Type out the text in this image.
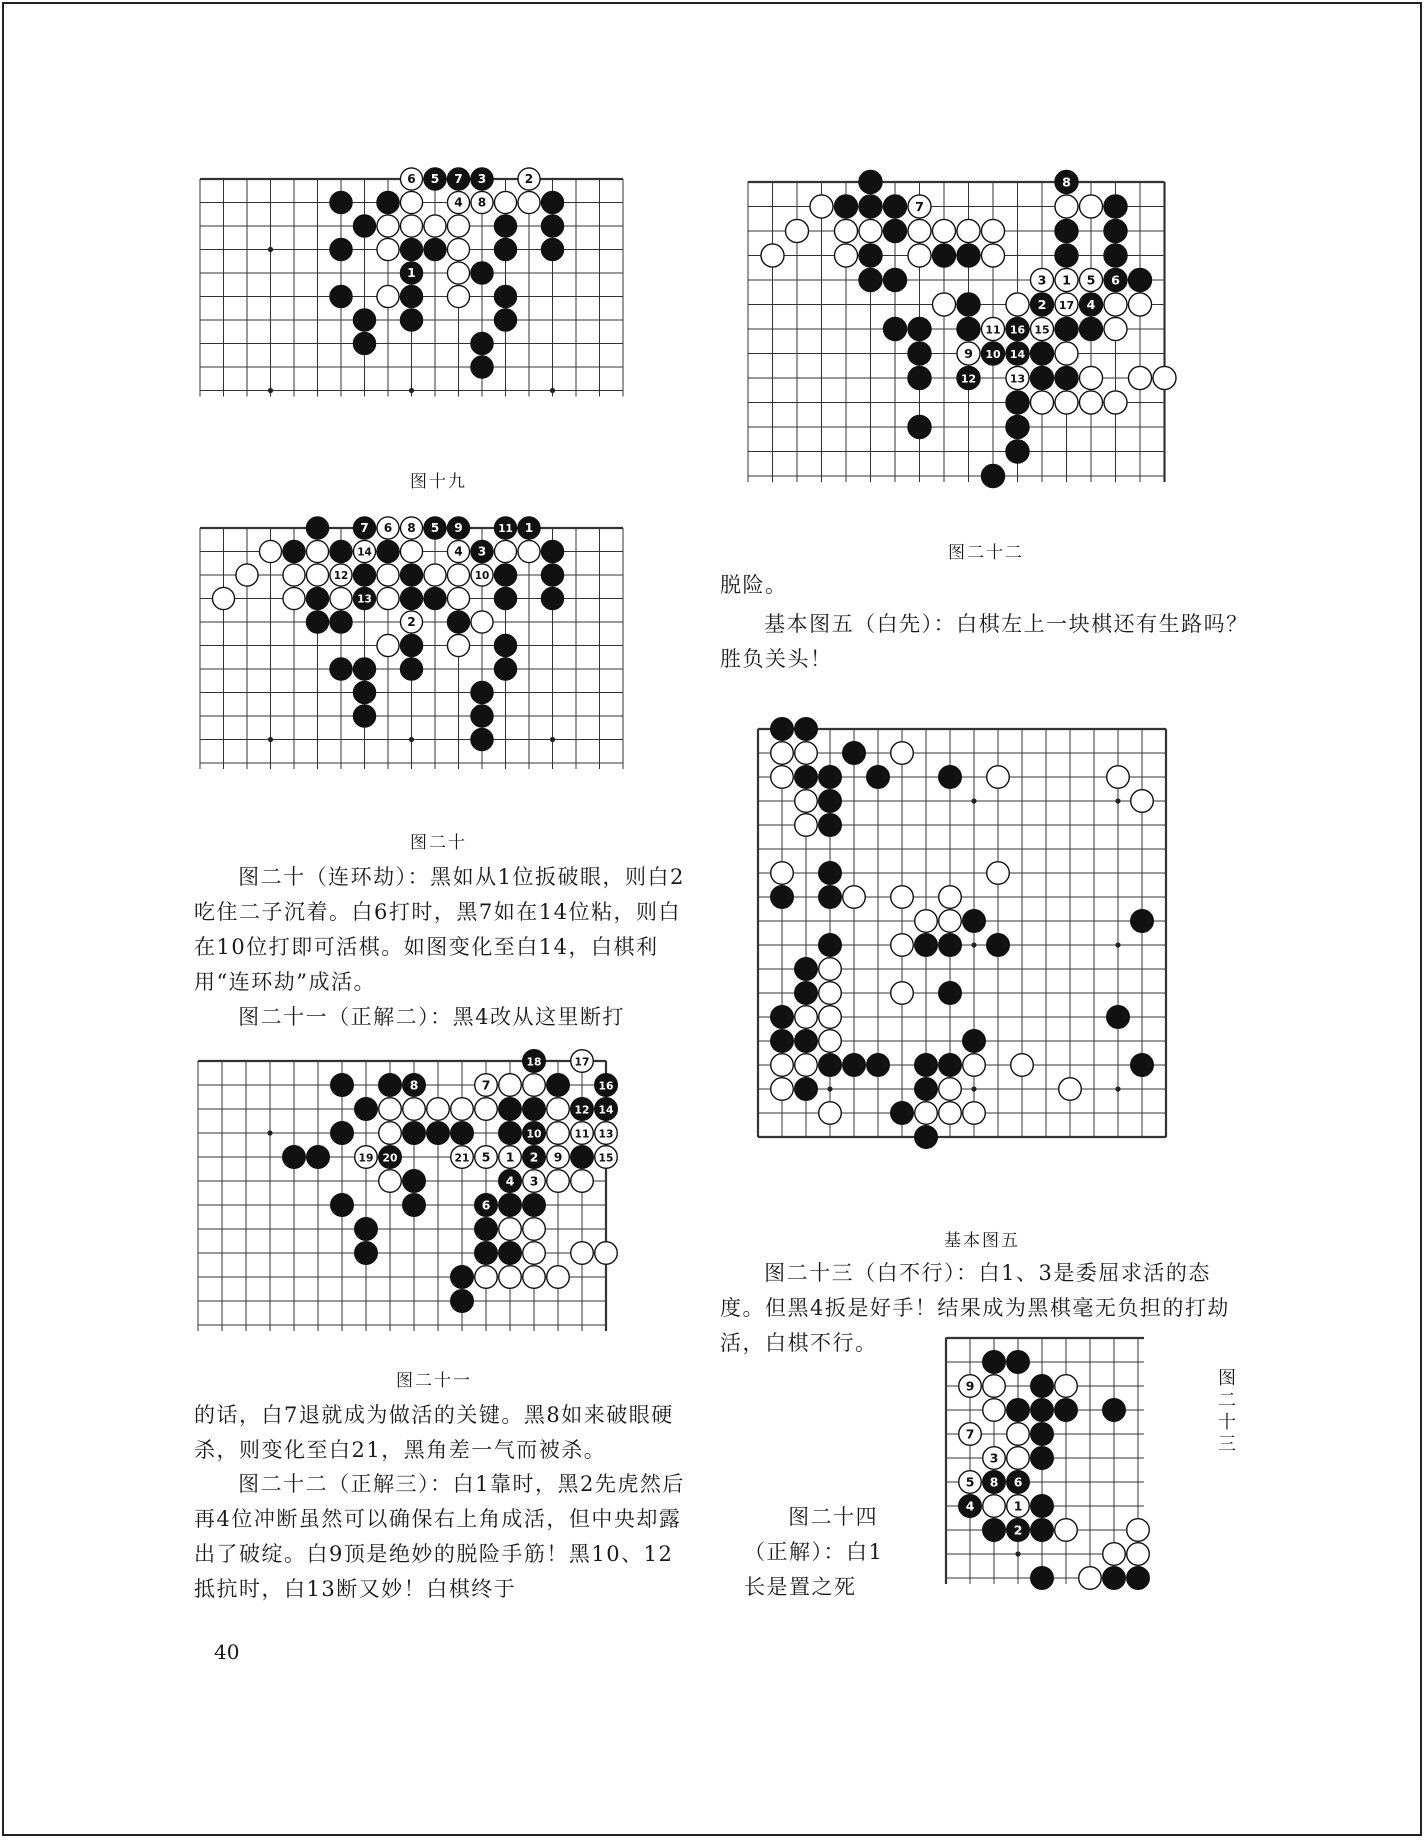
6 5 7 3	2
4 8
1
图十九
7 6 8 5 9	11 1
14	4 3
12	10
13
2
图二十

图二十（连环劫）：黑如从1位扳破眼，则白2吃住二子沉着。白6打时，黑7如在14位粘，则白在10位打即可活棋。如图变化至白14，白棋利用“连环劫”成活。

图二十一（正解二）：黑4改从这里断打

18	17
16
8	7
12 14
10	11 13
19 20	21 5 1 2 9	15
4 3
6
图二十一

的话，白7退就成为做活的关键。黑8如来破眼硬杀，则变化至白21，黑角差一气而被杀。

图二十二（正解三）：白1靠时，黑2先虎然后再4位冲断虽然可以确保右上角成活，但中央却露出了破绽。白9顶是绝妙的脱险手筋！黑10、12抵抗时，白13断又妙！白棋终于

40
8
7
3 1 5 6
2 17 4
11 16 15
9 10 14
12	13
图二十二

脱险。

基本图五（白先）：白棋左上一块棋还有生路吗？胜负关头！

基本图五

图二十三（白不行）：白1、3是委屈求活的态度。但黑4扳是好手！结果成为黑棋毫无负担的打劫活，白棋不行。

9
7
3
5 8 6
4	1
2
图二十三

图二十四（正解）：白1长是置之死
